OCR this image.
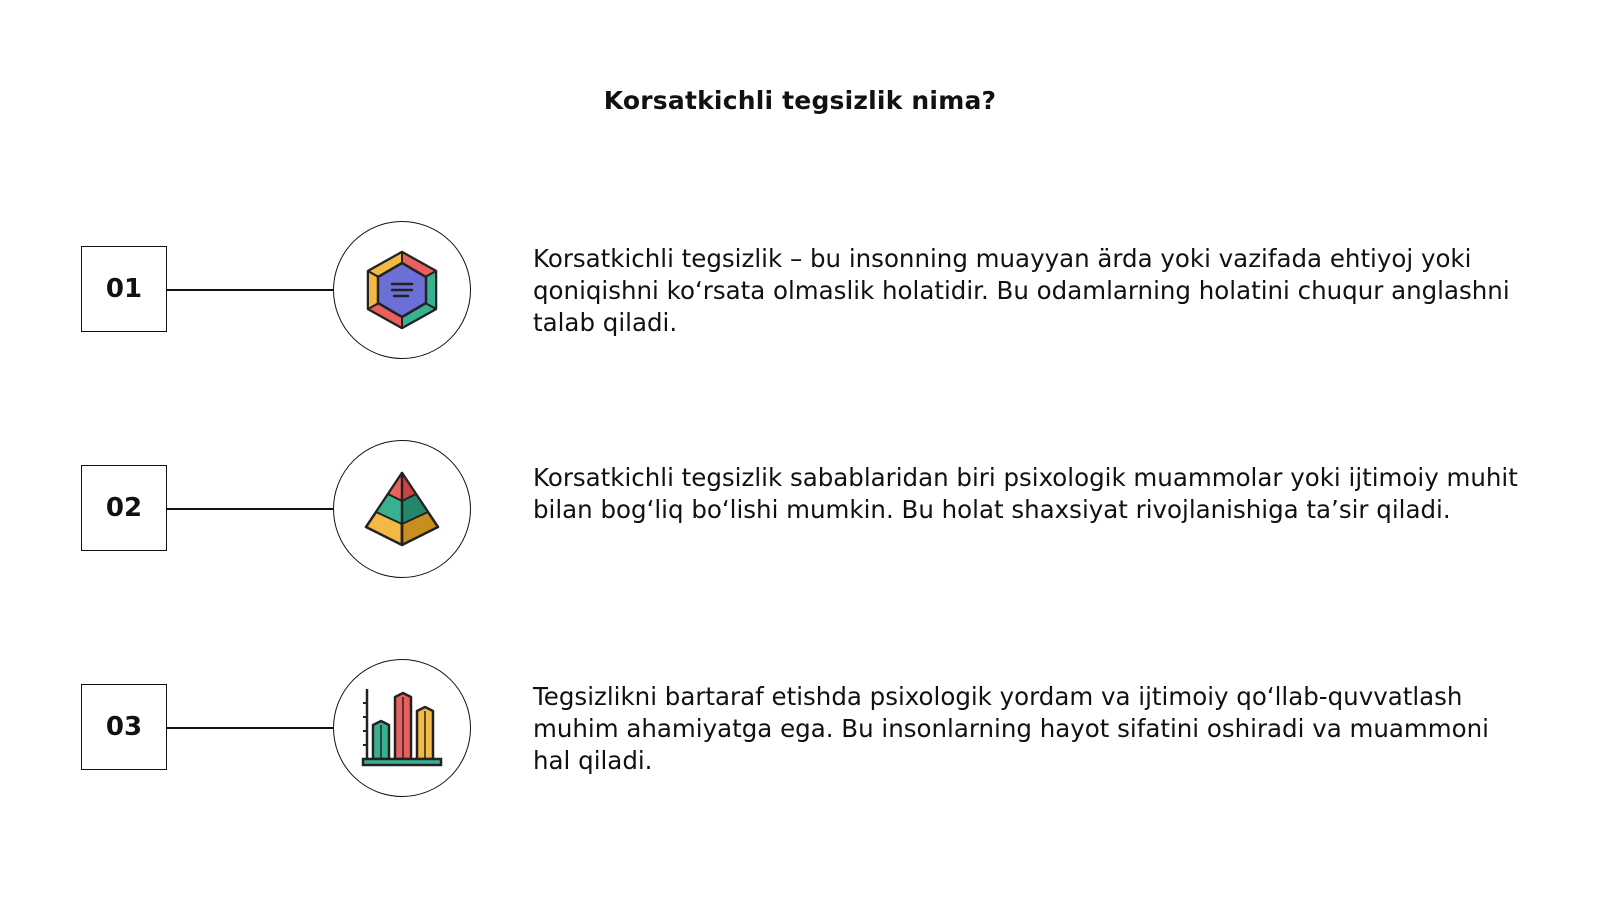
Korsatkichli tegsizlik nima?
01
Korsatkichli tegsizlik – bu insonning muayyan ärda yoki vazifada ehtiyoj yoki qoniqishni ko‘rsata olmaslik holatidir. Bu odamlarning holatini chuqur anglashni talab qiladi.
02
Korsatkichli tegsizlik sabablaridan biri psixologik muammolar yoki ijtimoiy muhit bilan bog‘liq bo‘lishi mumkin. Bu holat shaxsiyat rivojlanishiga ta’sir qiladi.
03
Tegsizlikni bartaraf etishda psixologik yordam va ijtimoiy qo‘llab-quvvatlash muhim ahamiyatga ega. Bu insonlarning hayot sifatini oshiradi va muammoni hal qiladi.
